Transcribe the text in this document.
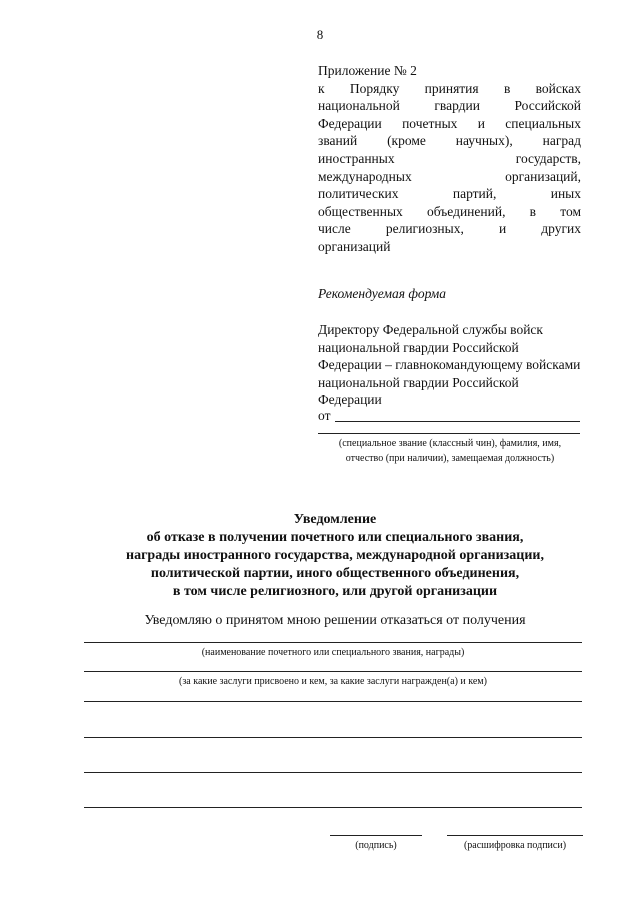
8
Приложение № 2
к Порядку принятия в войсках
национальной гвардии Российской
Федерации почетных и специальных
званий (кроме научных), наград
иностранных государств,
международных организаций,
политических партий, иных
общественных объединений, в том
числе религиозных, и других
организаций
Рекомендуемая форма
Директору Федеральной службы войск национальной гвардии Российской Федерации – главнокомандующему войсками национальной гвардии Российской Федерации
от
(специальное звание (классный чин), фамилия, имя,
отчество (при наличии), замещаемая должность)
Уведомление
об отказе в получении почетного или специального звания,
награды иностранного государства, международной организации,
политической партии, иного общественного объединения,
в том числе религиозного, или другой организации
Уведомляю о принятом мною решении отказаться от получения
(наименование почетного или специального звания, награды)
(за какие заслуги присвоено и кем, за какие заслуги награжден(а) и кем)
(подпись)	(расшифровка подписи)
